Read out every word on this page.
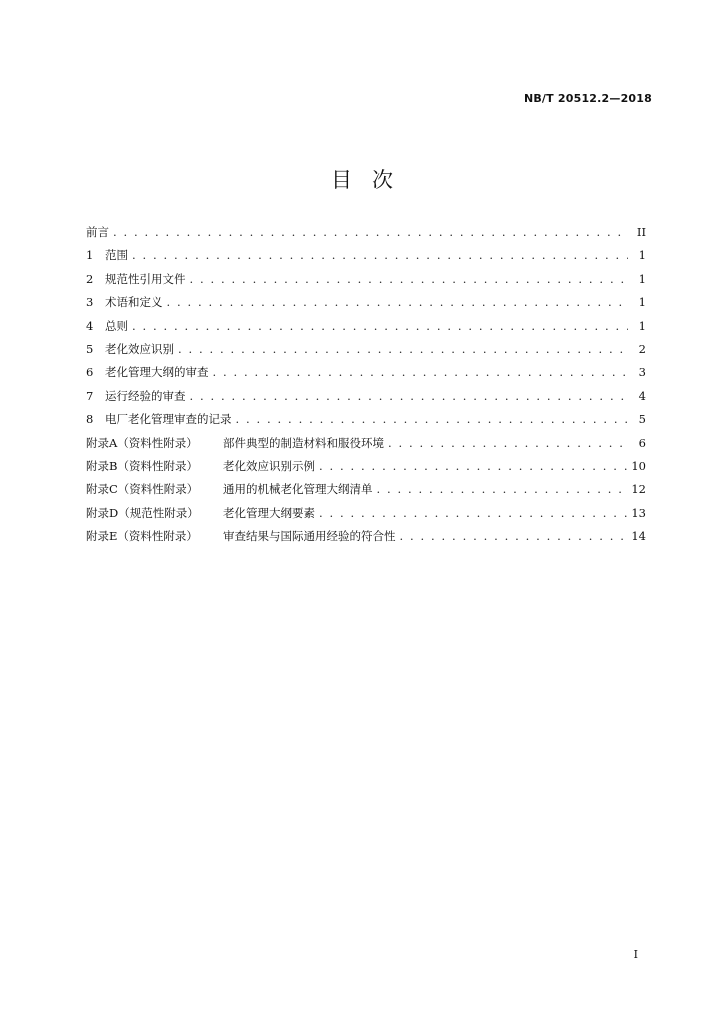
NB/T 20512.2—2018
目次
前言 . . .	II
1	范围 . . .	1
2	规范性引用文件 . . .	1
3	术语和定义 . . .	1
4	总则 . . .	1
5	老化效应识别 . . .	2
6	老化管理大纲的审查 . . .	3
7	运行经验的审查 . . .	4
8	电厂老化管理审查的记录 . . .	5
附录A（资料性附录）	部件典型的制造材料和服役环境 . . .	6
附录B（资料性附录）	老化效应识别示例 . . .	10
附录C（资料性附录）	通用的机械老化管理大纲清单 . . .	12
附录D（规范性附录）	老化管理大纲要素 . . .	13
附录E（资料性附录）	审查结果与国际通用经验的符合性 . . .	14
I
